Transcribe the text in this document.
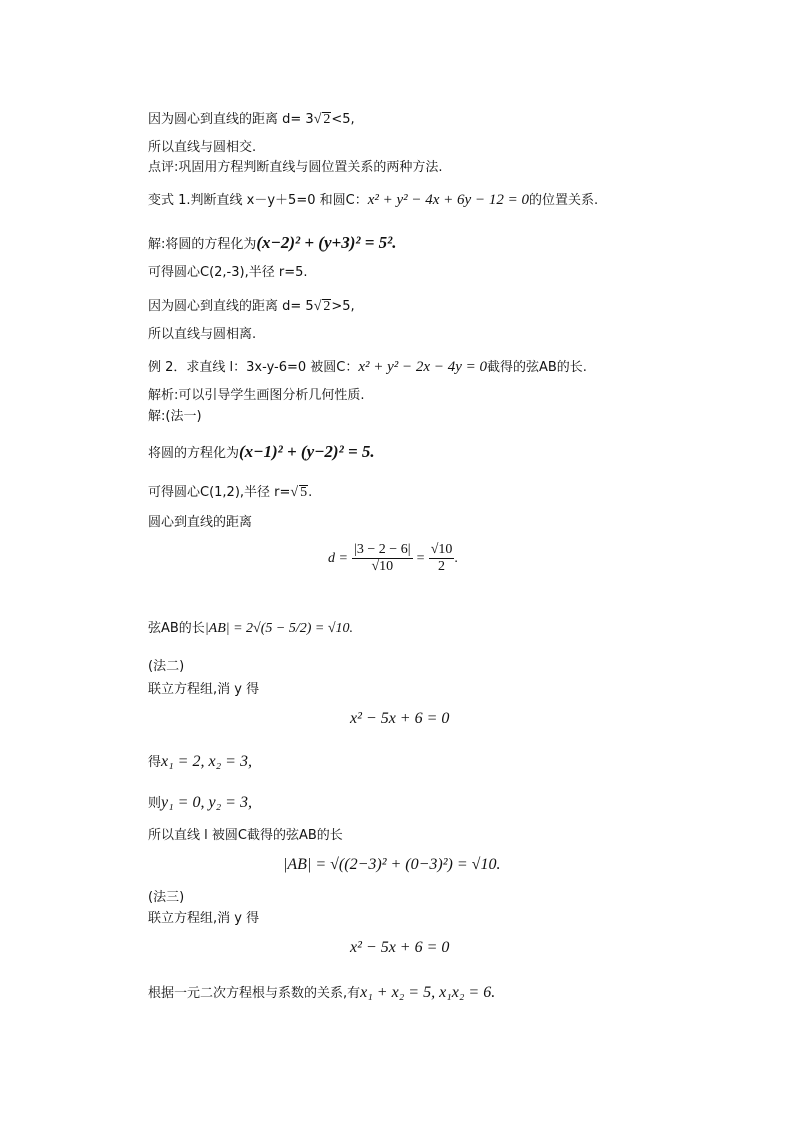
因为圆心到直线的距离 d= 3√ 2<5,
所以直线与圆相交.
点评:巩固用方程判断直线与圆位置关系的两种方法.
变式 1.判断直线 x－y＋5=0 和圆C：x² + y² − 4x + 6y − 12 = 0的位置关系.
解:将圆的方程化为(x−2)² + (y+3)² = 5².
可得圆心C(2,-3),半径 r=5.
因为圆心到直线的距离 d= 5√ 2>5,
所以直线与圆相离.
例 2．求直线 l：3x-y-6=0 被圆C：x² + y² − 2x − 4y = 0截得的弦AB的长.
解析:可以引导学生画图分析几何性质.
解:(法一)
将圆的方程化为(x−1)² + (y−2)² = 5.
可得圆心C(1,2),半径 r=√ 5.
圆心到直线的距离
$d = \frac{|3 - 2 - 6|}{√10} = \frac{√10}{2}$ .
弦AB的长|AB| = 2√(5 − 5/2) = √10.
(法二)
联立方程组,消 y 得
x² − 5x + 6 = 0
得x₁ = 2, x₂ = 3,
则y₁ = 0, y₂ = 3,
所以直线 l 被圆C截得的弦AB的长
|AB| = √((2−3)² + (0−3)²) = √10.
(法三)
联立方程组,消 y 得
x² − 5x + 6 = 0
根据一元二次方程根与系数的关系,有x₁ + x₂ = 5, x₁x₂ = 6.
